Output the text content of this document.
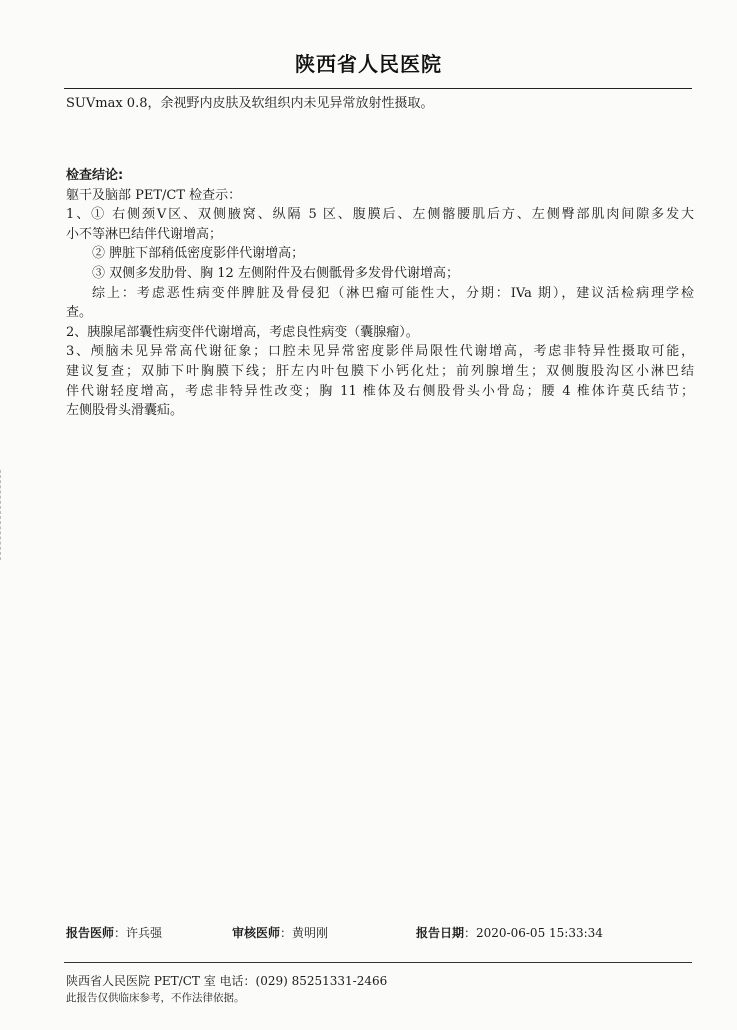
陕西省人民医院
SUVmax 0.8，余视野内皮肤及软组织内未见异常放射性摄取。
检查结论:

躯干及脑部 PET/CT 检查示：

1、① 右侧颈Ⅴ区、双侧腋窝、纵隔 5 区、腹膜后、左侧髂腰肌后方、左侧臀部肌肉间隙多发大

小不等淋巴结伴代谢增高；

② 脾脏下部稍低密度影伴代谢增高；

③ 双侧多发肋骨、胸 12 左侧附件及右侧骶骨多发骨代谢增高；

综上：考虑恶性病变伴脾脏及骨侵犯（淋巴瘤可能性大，分期：IVa 期），建议活检病理学检

查。

2、胰腺尾部囊性病变伴代谢增高，考虑良性病变（囊腺瘤）。

3、颅脑未见异常高代谢征象；口腔未见异常密度影伴局限性代谢增高，考虑非特异性摄取可能，

建议复查；双肺下叶胸膜下线；肝左内叶包膜下小钙化灶；前列腺增生；双侧腹股沟区小淋巴结

伴代谢轻度增高，考虑非特异性改变；胸 11 椎体及右侧股骨头小骨岛；腰 4 椎体许莫氏结节；

左侧股骨头滑囊疝。

报告医师：许兵强	审核医师：黄明刚	报告日期：2020-06-05 15:33:34
陕西省人民医院 PET/CT 室 电话：(029) 85251331-2466
此报告仅供临床参考，不作法律依据。
